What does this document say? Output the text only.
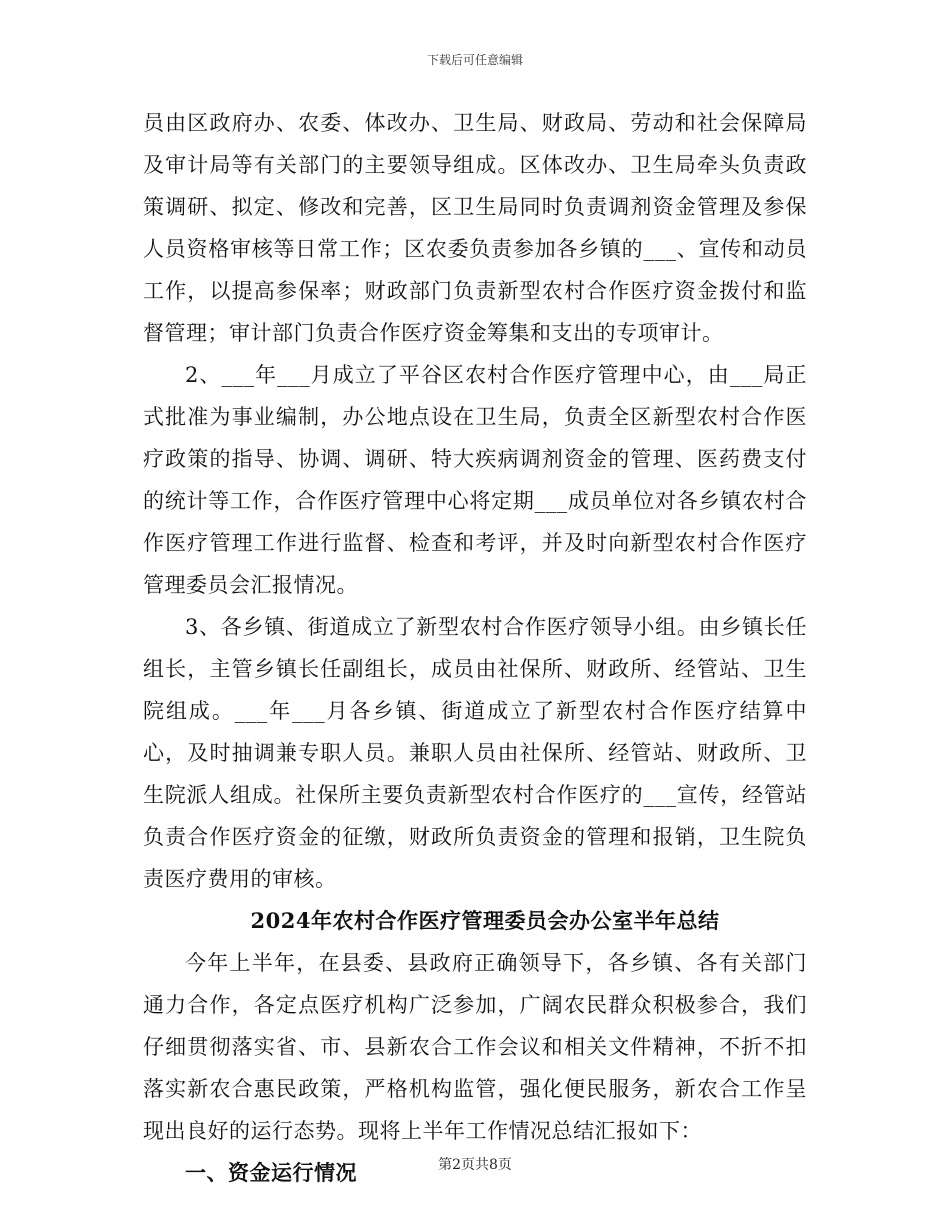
下载后可任意编辑

员由区政府办、农委、体改办、卫生局、财政局、劳动和社会保障局及审计局等有关部门的主要领导组成。区体改办、卫生局牵头负责政策调研、拟定、修改和完善，区卫生局同时负责调剂资金管理及参保人员资格审核等日常工作；区农委负责参加各乡镇的___、宣传和动员工作，以提高参保率；财政部门负责新型农村合作医疗资金拨付和监督管理；审计部门负责合作医疗资金筹集和支出的专项审计。

2、___年___月成立了平谷区农村合作医疗管理中心，由___局正式批准为事业编制，办公地点设在卫生局，负责全区新型农村合作医疗政策的指导、协调、调研、特大疾病调剂资金的管理、医药费支付的统计等工作，合作医疗管理中心将定期___成员单位对各乡镇农村合作医疗管理工作进行监督、检查和考评，并及时向新型农村合作医疗管理委员会汇报情况。

3、各乡镇、街道成立了新型农村合作医疗领导小组。由乡镇长任组长，主管乡镇长任副组长，成员由社保所、财政所、经管站、卫生院组成。___年___月各乡镇、街道成立了新型农村合作医疗结算中心，及时抽调兼专职人员。兼职人员由社保所、经管站、财政所、卫生院派人组成。社保所主要负责新型农村合作医疗的___宣传，经管站负责合作医疗资金的征缴，财政所负责资金的管理和报销，卫生院负责医疗费用的审核。

2024年农村合作医疗管理委员会办公室半年总结

今年上半年，在县委、县政府正确领导下，各乡镇、各有关部门通力合作，各定点医疗机构广泛参加，广阔农民群众积极参合，我们仔细贯彻落实省、市、县新农合工作会议和相关文件精神，不折不扣落实新农合惠民政策，严格机构监管，强化便民服务，新农合工作呈现出良好的运行态势。现将上半年工作情况总结汇报如下：

一、资金运行情况	第2页共8页
